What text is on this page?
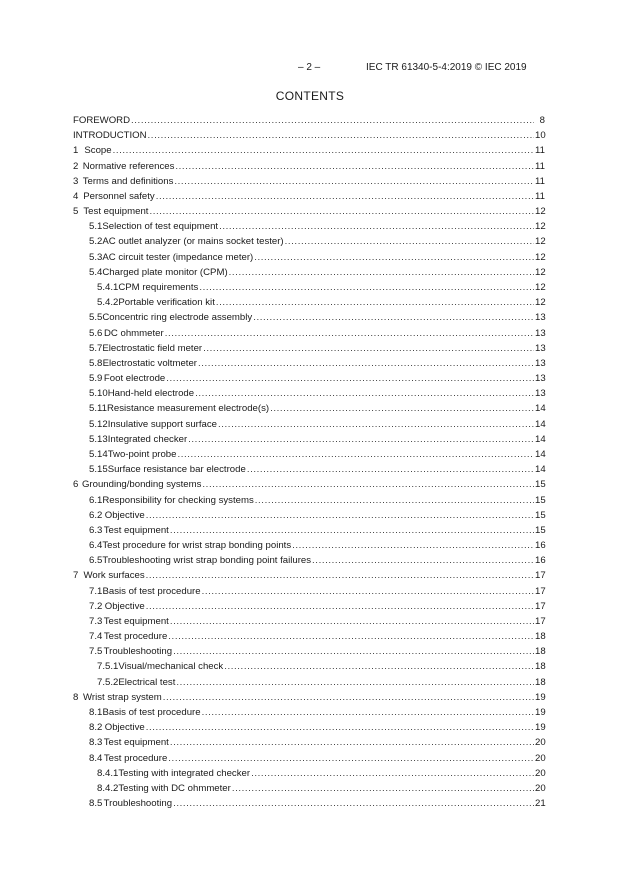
– 2 –	IEC TR 61340-5-4:2019 © IEC 2019
CONTENTS
FOREWORD .....	8
INTRODUCTION .....	10
1 Scope .....	11
2 Normative references .....	11
3 Terms and definitions .....	11
4 Personnel safety .....	11
5 Test equipment .....	12
5.1 Selection of test equipment .....	12
5.2 AC outlet analyzer (or mains socket tester) .....	12
5.3 AC circuit tester (impedance meter) .....	12
5.4 Charged plate monitor (CPM) .....	12
5.4.1 CPM requirements .....	12
5.4.2 Portable verification kit .....	12
5.5 Concentric ring electrode assembly .....	13
5.6 DC ohmmeter .....	13
5.7 Electrostatic field meter .....	13
5.8 Electrostatic voltmeter .....	13
5.9 Foot electrode .....	13
5.10 Hand-held electrode .....	13
5.11 Resistance measurement electrode(s) .....	14
5.12 Insulative support surface .....	14
5.13 Integrated checker .....	14
5.14 Two-point probe .....	14
5.15 Surface resistance bar electrode .....	14
6 Grounding/bonding systems .....	15
6.1 Responsibility for checking systems .....	15
6.2 Objective .....	15
6.3 Test equipment .....	15
6.4 Test procedure for wrist strap bonding points .....	16
6.5 Troubleshooting wrist strap bonding point failures .....	16
7 Work surfaces .....	17
7.1 Basis of test procedure .....	17
7.2 Objective .....	17
7.3 Test equipment .....	17
7.4 Test procedure .....	18
7.5 Troubleshooting .....	18
7.5.1 Visual/mechanical check .....	18
7.5.2 Electrical test .....	18
8 Wrist strap system .....	19
8.1 Basis of test procedure .....	19
8.2 Objective .....	19
8.3 Test equipment .....	20
8.4 Test procedure .....	20
8.4.1 Testing with integrated checker .....	20
8.4.2 Testing with DC ohmmeter .....	20
8.5 Troubleshooting .....	21
